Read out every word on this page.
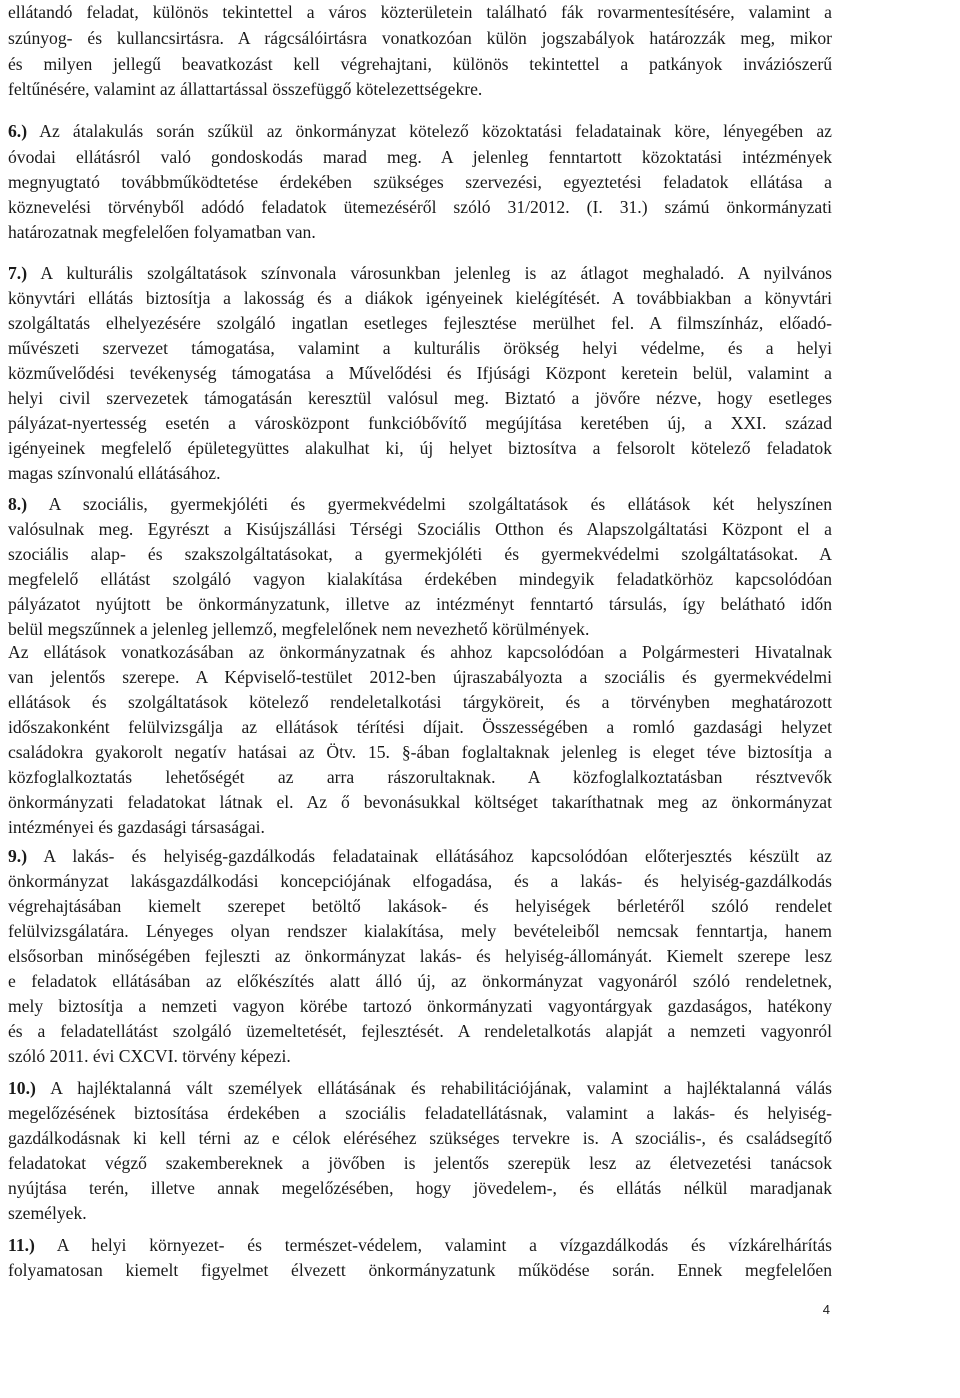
ellátandó feladat, különös tekintettel a város közterületein található fák rovarmentesítésére, valamint a
szúnyog- és kullancsirtásra. A rágcsálóirtásra vonatkozóan külön jogszabályok határozzák meg, mikor
és milyen jellegű beavatkozást kell végrehajtani, különös tekintettel a patkányok inváziószerű
feltűnésére, valamint az állattartással összefüggő kötelezettségekre.
6.) Az átalakulás során szűkül az önkormányzat kötelező közoktatási feladatainak köre, lényegében az
óvodai ellátásról való gondoskodás marad meg. A jelenleg fenntartott közoktatási intézmények
megnyugtató továbbműködtetése érdekében szükséges szervezési, egyeztetési feladatok ellátása a
köznevelési törvényből adódó feladatok ütemezéséről szóló 31/2012. (I. 31.) számú önkormányzati
határozatnak megfelelően folyamatban van.
7.) A kulturális szolgáltatások színvonala városunkban jelenleg is az átlagot meghaladó. A nyilvános
könyvtári ellátás biztosítja a lakosság és a diákok igényeinek kielégítését. A továbbiakban a könyvtári
szolgáltatás elhelyezésére szolgáló ingatlan esetleges fejlesztése merülhet fel. A filmszínház, előadó-
művészeti szervezet támogatása, valamint a kulturális örökség helyi védelme, és a helyi
közművelődési tevékenység támogatása a Művelődési és Ifjúsági Központ keretein belül, valamint a
helyi civil szervezetek támogatásán keresztül valósul meg. Biztató a jövőre nézve, hogy esetleges
pályázat-nyertesség esetén a városközpont funkcióbővítő megújítása keretében új, a XXI. század
igényeinek megfelelő épületegyüttes alakulhat ki, új helyet biztosítva a felsorolt kötelező feladatok
magas színvonalú ellátásához.
8.) A szociális, gyermekjóléti és gyermekvédelmi szolgáltatások és ellátások két helyszínen
valósulnak meg. Egyrészt a Kisújszállási Térségi Szociális Otthon és Alapszolgáltatási Központ el a
szociális alap- és szakszolgáltatásokat, a gyermekjóléti és gyermekvédelmi szolgáltatásokat. A
megfelelő ellátást szolgáló vagyon kialakítása érdekében mindegyik feladatkörhöz kapcsolódóan
pályázatot nyújtott be önkormányzatunk, illetve az intézményt fenntartó társulás, így belátható időn
belül megszűnnek a jelenleg jellemző, megfelelőnek nem nevezhető körülmények.
Az ellátások vonatkozásában az önkormányzatnak és ahhoz kapcsolódóan a Polgármesteri Hivatalnak
van jelentős szerepe. A Képviselő-testület 2012-ben újraszabályozta a szociális és gyermekvédelmi
ellátások és szolgáltatások kötelező rendeletalkotási tárgyköreit, és a törvényben meghatározott
időszakonként felülvizsgálja az ellátások térítési díjait. Összességében a romló gazdasági helyzet
családokra gyakorolt negatív hatásai az Ötv. 15. §-ában foglaltaknak jelenleg is eleget téve biztosítja a
közfoglalkoztatás lehetőségét az arra rászorultaknak. A közfoglalkoztatásban résztvevők
önkormányzati feladatokat látnak el. Az ő bevonásukkal költséget takaríthatnak meg az önkormányzat
intézményei és gazdasági társaságai.
9.) A lakás- és helyiség-gazdálkodás feladatainak ellátásához kapcsolódóan előterjesztés készült az
önkormányzat lakásgazdálkodási koncepciójának elfogadása, és a lakás- és helyiség-gazdálkodás
végrehajtásában kiemelt szerepet betöltő lakások- és helyiségek bérletéről szóló rendelet
felülvizsgálatára. Lényeges olyan rendszer kialakítása, mely bevételeiből nemcsak fenntartja, hanem
elsősorban minőségében fejleszti az önkormányzat lakás- és helyiség-állományát. Kiemelt szerepe lesz
e feladatok ellátásában az előkészítés alatt álló új, az önkormányzat vagyonáról szóló rendeletnek,
mely biztosítja a nemzeti vagyon körébe tartozó önkormányzati vagyontárgyak gazdaságos, hatékony
és a feladatellátást szolgáló üzemeltetését, fejlesztését. A rendeletalkotás alapját a nemzeti vagyonról
szóló 2011. évi CXCVI. törvény képezi.
10.) A hajléktalanná vált személyek ellátásának és rehabilitációjának, valamint a hajléktalanná válás
megelőzésének biztosítása érdekében a szociális feladatellátásnak, valamint a lakás- és helyiség-
gazdálkodásnak ki kell térni az e célok eléréséhez szükséges tervekre is. A szociális-, és családsegítő
feladatokat végző szakembereknek a jövőben is jelentős szerepük lesz az életvezetési tanácsok
nyújtása terén, illetve annak megelőzésében, hogy jövedelem-, és ellátás nélkül maradjanak
személyek.
11.) A helyi környezet- és természet-védelem, valamint a vízgazdálkodás és vízkárelhárítás
folyamatosan kiemelt figyelmet élvezett önkormányzatunk működése során. Ennek megfelelően
4
